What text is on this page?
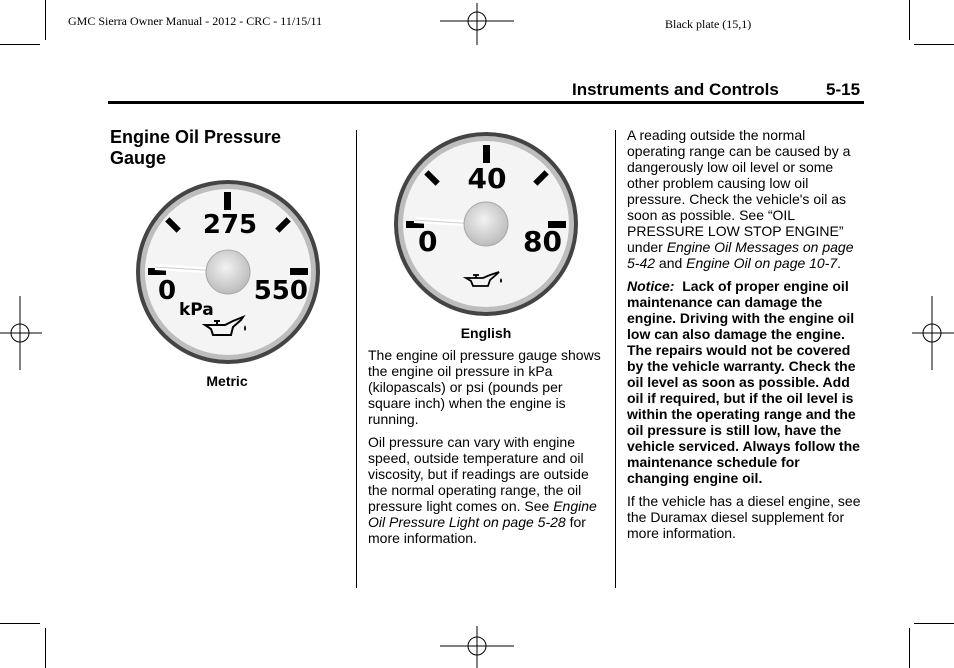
GMC Sierra Owner Manual - 2012 - CRC - 11/15/11	Black plate (15,1)
Instruments and Controls	5-15
Engine Oil Pressure
Gauge
275
0	550
kPa
Metric
40
0	80
English

The engine oil pressure gauge shows the engine oil pressure in kPa (kilopascals) or psi (pounds per square inch) when the engine is running.

Oil pressure can vary with engine speed, outside temperature and oil viscosity, but if readings are outside the normal operating range, the oil pressure light comes on. See Engine Oil Pressure Light on page 5-28 for more information.

A reading outside the normal operating range can be caused by a dangerously low oil level or some other problem causing low oil pressure. Check the vehicle's oil as soon as possible. See “OIL PRESSURE LOW STOP ENGINE” under Engine Oil Messages on page 5-42 and Engine Oil on page 10-7.

Notice: Lack of proper engine oil maintenance can damage the engine. Driving with the engine oil low can also damage the engine. The repairs would not be covered by the vehicle warranty. Check the oil level as soon as possible. Add oil if required, but if the oil level is within the operating range and the oil pressure is still low, have the vehicle serviced. Always follow the maintenance schedule for changing engine oil.

If the vehicle has a diesel engine, see the Duramax diesel supplement for more information.
